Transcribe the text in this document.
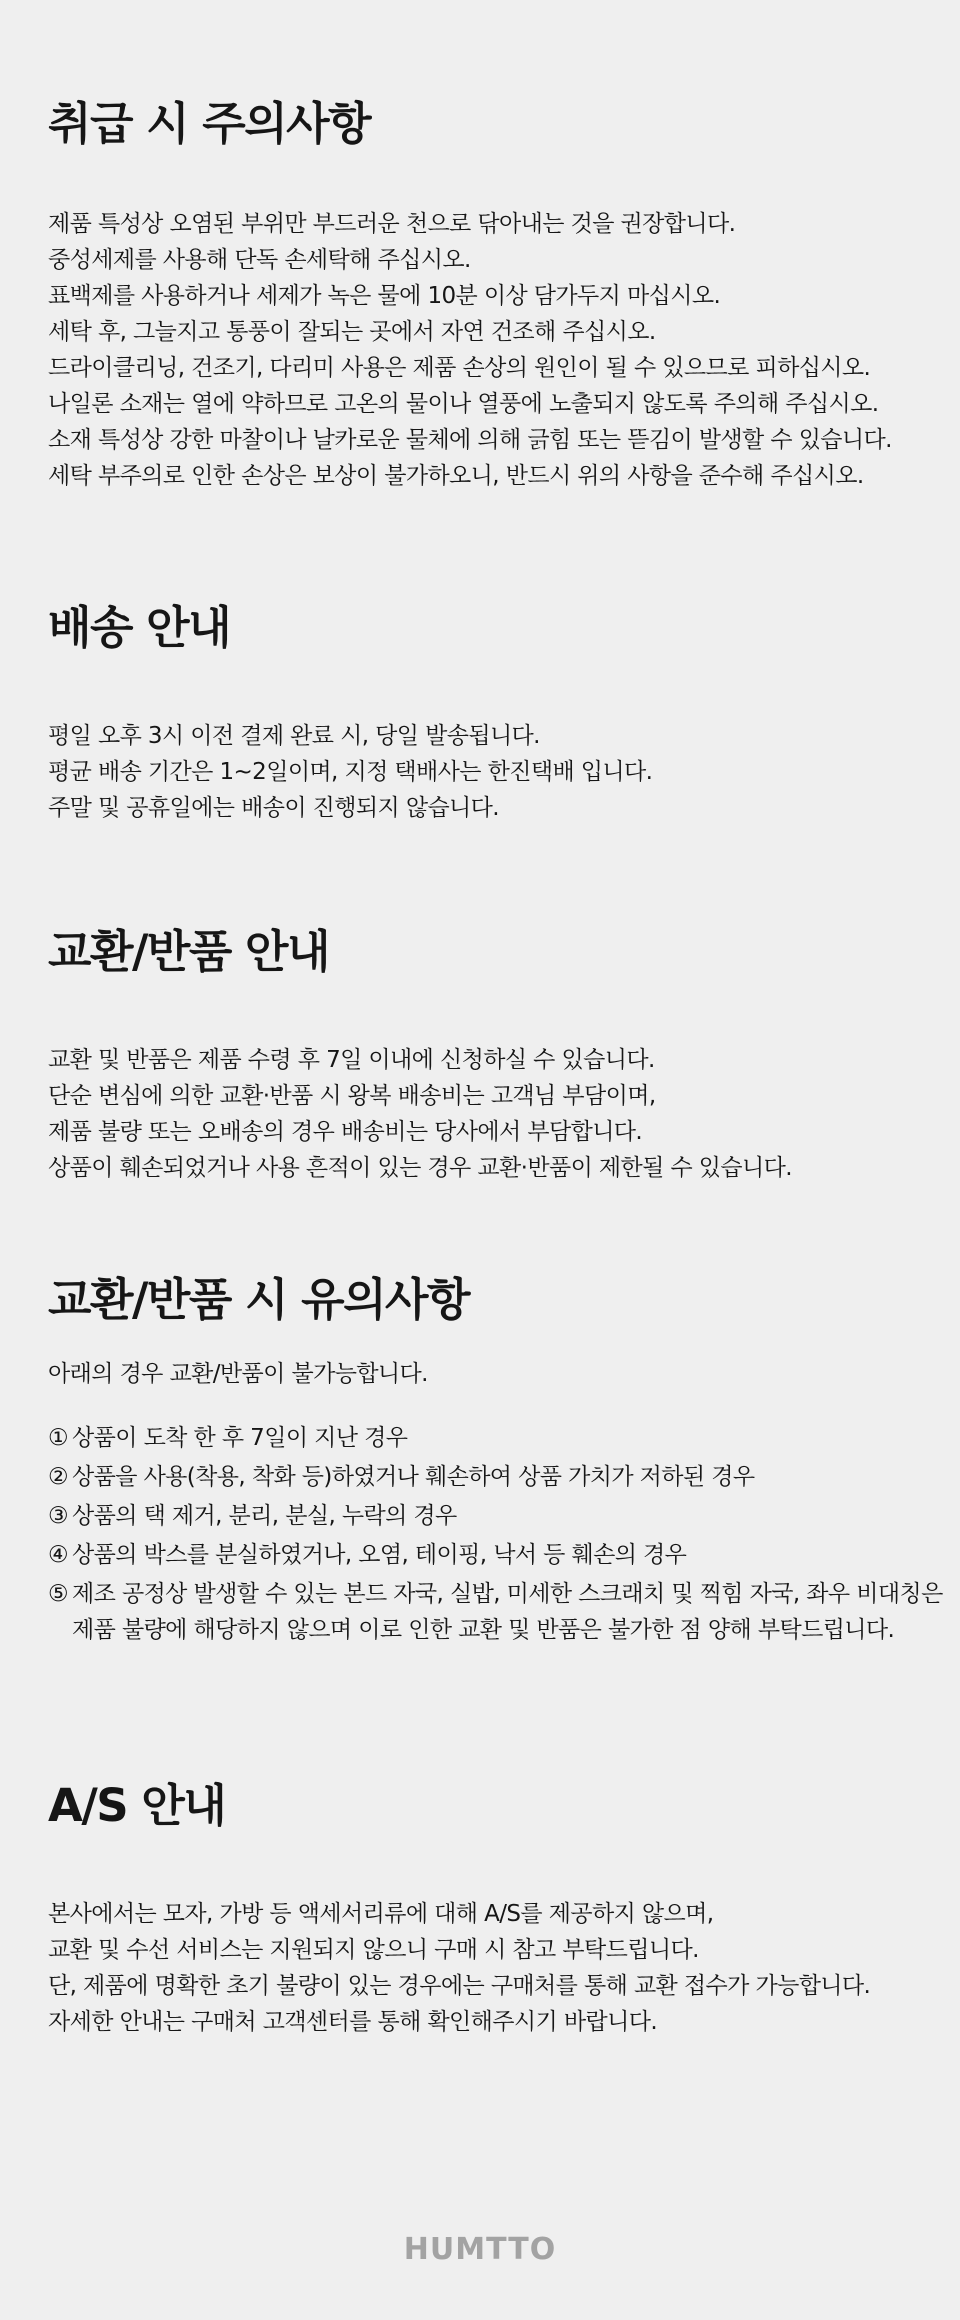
취급 시 주의사항
제품 특성상 오염된 부위만 부드러운 천으로 닦아내는 것을 권장합니다.
중성세제를 사용해 단독 손세탁해 주십시오.
표백제를 사용하거나 세제가 녹은 물에 10분 이상 담가두지 마십시오.
세탁 후, 그늘지고 통풍이 잘되는 곳에서 자연 건조해 주십시오.
드라이클리닝, 건조기, 다리미 사용은 제품 손상의 원인이 될 수 있으므로 피하십시오.
나일론 소재는 열에 약하므로 고온의 물이나 열풍에 노출되지 않도록 주의해 주십시오.
소재 특성상 강한 마찰이나 날카로운 물체에 의해 긁힘 또는 뜯김이 발생할 수 있습니다.
세탁 부주의로 인한 손상은 보상이 불가하오니, 반드시 위의 사항을 준수해 주십시오.
배송 안내
평일 오후 3시 이전 결제 완료 시, 당일 발송됩니다.
평균 배송 기간은 1~2일이며, 지정 택배사는 한진택배 입니다.
주말 및 공휴일에는 배송이 진행되지 않습니다.
교환/반품 안내
교환 및 반품은 제품 수령 후 7일 이내에 신청하실 수 있습니다.
단순 변심에 의한 교환·반품 시 왕복 배송비는 고객님 부담이며,
제품 불량 또는 오배송의 경우 배송비는 당사에서 부담합니다.
상품이 훼손되었거나 사용 흔적이 있는 경우 교환·반품이 제한될 수 있습니다.
교환/반품 시 유의사항

아래의 경우 교환/반품이 불가능합니다.

① 상품이 도착 한 후 7일이 지난 경우
② 상품을 사용(착용, 착화 등)하였거나 훼손하여 상품 가치가 저하된 경우
③ 상품의 택 제거, 분리, 분실, 누락의 경우
④ 상품의 박스를 분실하였거나, 오염, 테이핑, 낙서 등 훼손의 경우
⑤ 제조 공정상 발생할 수 있는 본드 자국, 실밥, 미세한 스크래치 및 찍힘 자국, 좌우 비대칭은 제품 불량에 해당하지 않으며 이로 인한 교환 및 반품은 불가한 점 양해 부탁드립니다.
A/S 안내
본사에서는 모자, 가방 등 액세서리류에 대해 A/S를 제공하지 않으며,
교환 및 수선 서비스는 지원되지 않으니 구매 시 참고 부탁드립니다.
단, 제품에 명확한 초기 불량이 있는 경우에는 구매처를 통해 교환 접수가 가능합니다.
자세한 안내는 구매처 고객센터를 통해 확인해주시기 바랍니다.
HUMTTO
